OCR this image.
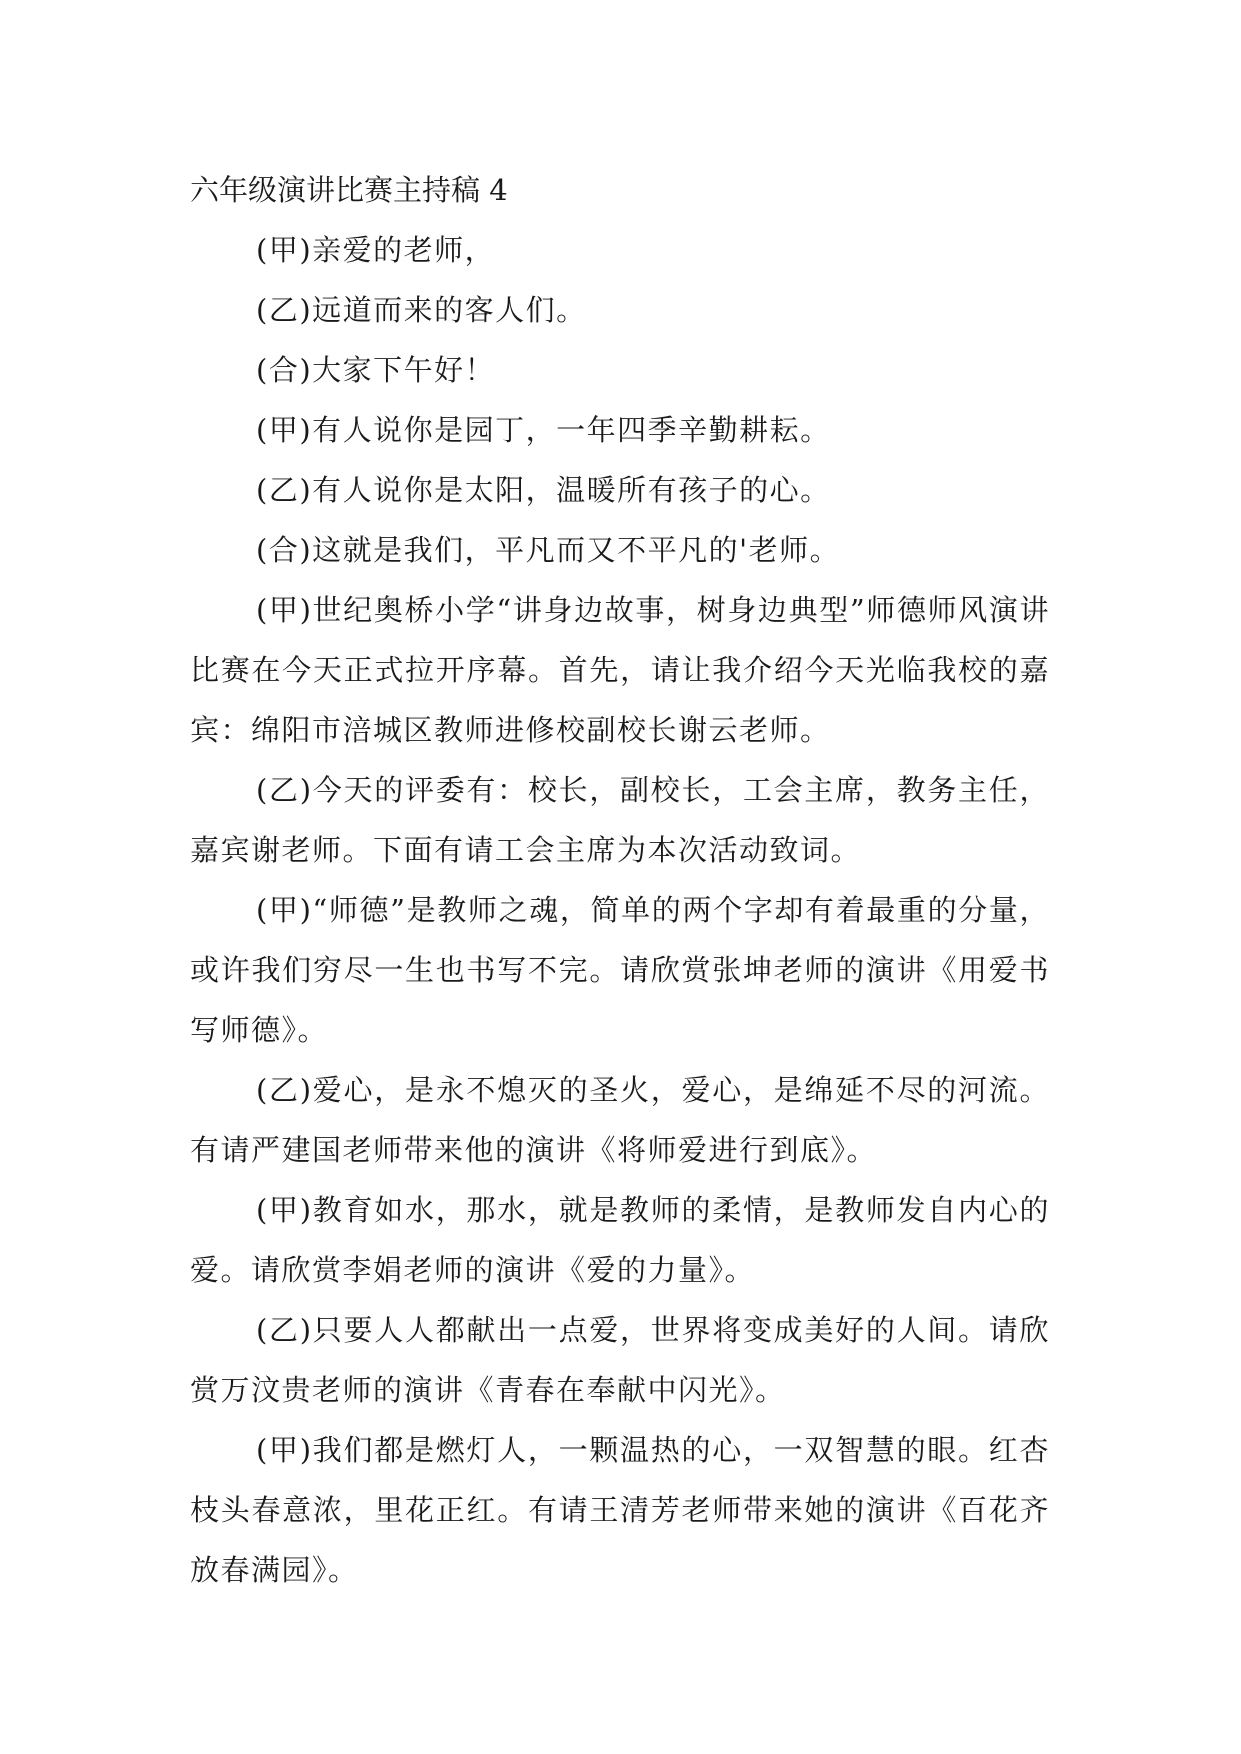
六年级演讲比赛主持稿 4

(甲)亲爱的老师，

(乙)远道而来的客人们。

(合)大家下午好！

(甲)有人说你是园丁，一年四季辛勤耕耘。

(乙)有人说你是太阳，温暖所有孩子的心。

(合)这就是我们，平凡而又不平凡的'老师。

(甲)世纪奥桥小学“讲身边故事，树身边典型”师德师风演讲比赛在今天正式拉开序幕。首先，请让我介绍今天光临我校的嘉宾：绵阳市涪城区教师进修校副校长谢云老师。

(乙)今天的评委有：校长，副校长，工会主席，教务主任，嘉宾谢老师。下面有请工会主席为本次活动致词。

(甲)“师德”是教师之魂，简单的两个字却有着最重的分量，或许我们穷尽一生也书写不完。请欣赏张坤老师的演讲《用爱书写师德》。

(乙)爱心，是永不熄灭的圣火，爱心，是绵延不尽的河流。有请严建国老师带来他的演讲《将师爱进行到底》。

(甲)教育如水，那水，就是教师的柔情，是教师发自内心的爱。请欣赏李娟老师的演讲《爱的力量》。

(乙)只要人人都献出一点爱，世界将变成美好的人间。请欣赏万汶贵老师的演讲《青春在奉献中闪光》。

(甲)我们都是燃灯人，一颗温热的心，一双智慧的眼。红杏枝头春意浓，里花正红。有请王清芳老师带来她的演讲《百花齐放春满园》。
